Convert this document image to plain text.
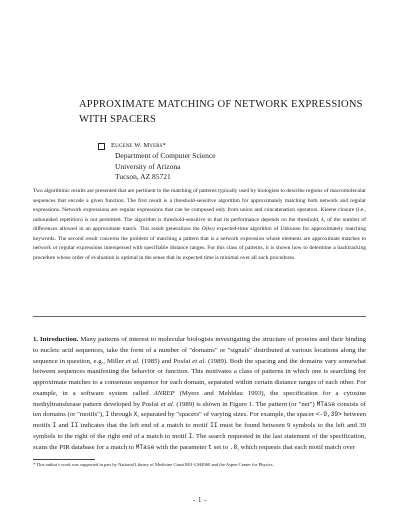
APPROXIMATE MATCHING OF NETWORK EXPRESSIONS
WITH SPACERS
Eugene W. Myers*
Department of Computer Science
University of Arizona
Tucson, AZ 85721

Two algorithmic results are presented that are pertinent to the matching of patterns typically used by biologists to describe regions of macromolecular sequences that encode a given function. The first result is a threshold-sensitive algorithm for approximately matching both network and regular expressions. Network expressions are regular expressions that can be composed only from union and concatenation operators. Kleene closure (i.e., unbounded repetition) is not permitted. The algorithm is threshold-sensitive in that its performance depends on the threshold, k, of the number of differences allowed in an approximate match. This result generalizes the O(kn) expected-time algorithm of Ukkonen for approximately matching keywords. The second result concerns the problem of matching a pattern that is a network expression whose elements are approximate matches to network or regular expressions interspersed with specifiable distance ranges. For this class of patterns, it is shown how to determine a backtracking procedure whose order of evaluation is optimal in the sense that its expected time is minimal over all such procedures.

1. Introduction. Many patterns of interest to molecular biologists investigating the structure of proteins and their binding to nucleic acid sequences, take the form of a number of "domains" or "signals" distributed at various locations along the sequence in question, e.g., Miller et al. (1985) and Posfai et al. (1989). Both the spacing and the domains vary somewhat between sequences manifesting the behavior or function. This motivates a class of patterns in which one is searching for approximate matches to a consensus sequence for each domain, separated within certain distance ranges of each other. For example, in a software system called ANREP (Myers and Mehldau 1993), the specification for a cytosine methyltransferase pattern developed by Posfai et al. (1989) is shown in Figure 1. The pattern (or "net") MTase consists of ten domains (or "motifs"), I through X, separated by "spacers" of varying sizes. For example, the spacer <-9,39> between motifs I and II indicates that the left end of a match to motif II must be found between 9 symbols to the left and 39 symbols to the right of the right end of a match to motif I. The search requested in the last statement of the specification, scans the PIR database for a match to MTase with the parameter t set to .8, which requests that each motif match over

* This author's work was supported in part by National Library of Medicine Grant R01-LM4960 and the Aspen Center for Physics.

- 1 -
